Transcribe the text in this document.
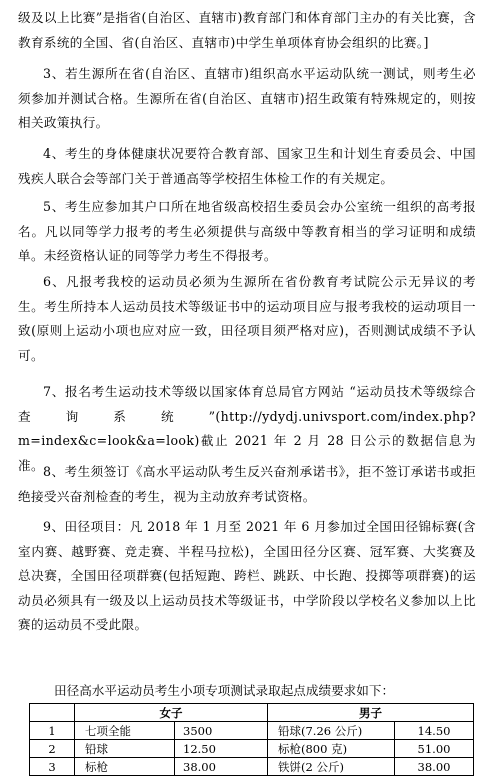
级及以上比赛”是指省(自治区、直辖市)教育部门和体育部门主办的有关比赛，含教育系统的全国、省(自治区、直辖市)中学生单项体育协会组织的比赛。]

3、若生源所在省(自治区、直辖市)组织高水平运动队统一测试，则考生必须参加并测试合格。生源所在省(自治区、直辖市)招生政策有特殊规定的，则按相关政策执行。

4、考生的身体健康状况要符合教育部、国家卫生和计划生育委员会、中国残疾人联合会等部门关于普通高等学校招生体检工作的有关规定。

5、考生应参加其户口所在地省级高校招生委员会办公室统一组织的高考报名。凡以同等学力报考的考生必须提供与高级中等教育相当的学习证明和成绩单。未经资格认证的同等学力考生不得报考。

6、凡报考我校的运动员必须为生源所在省份教育考试院公示无异议的考生。考生所持本人运动员技术等级证书中的运动项目应与报考我校的运动项目一致(原则上运动小项也应对应一致，田径项目须严格对应)，否则测试成绩不予认可。

7、报名考生运动技术等级以国家体育总局官方网站 “运动员技术等级综合查询系统”(http://ydydj.univsport.com/index.php?m=index&c=look&a=look)截止 2021 年 2 月 28 日公示的数据信息为准。 8、考生须签订《高水平运动队考生反兴奋剂承诺书》，拒不签订承诺书或拒绝接受兴奋剂检查的考生，视为主动放弃考试资格。

9、田径项目：凡 2018 年 1 月至 2021 年 6 月参加过全国田径锦标赛(含室内赛、越野赛、竞走赛、半程马拉松)，全国田径分区赛、冠军赛、大奖赛及总决赛，全国田径项群赛(包括短跑、跨栏、跳跃、中长跑、投掷等项群赛)的运动员必须具有一级及以上运动员技术等级证书，中学阶段以学校名义参加以上比赛的运动员不受此限。

田径高水平运动员考生小项专项测试录取起点成绩要求如下：
	女子		男子	
1	七项全能	3500	铅球(7.26 公斤)	14.50
2	铅球	12.50	标枪(800 克)	51.00
3	标枪	38.00	铁饼(2 公斤)	38.00
